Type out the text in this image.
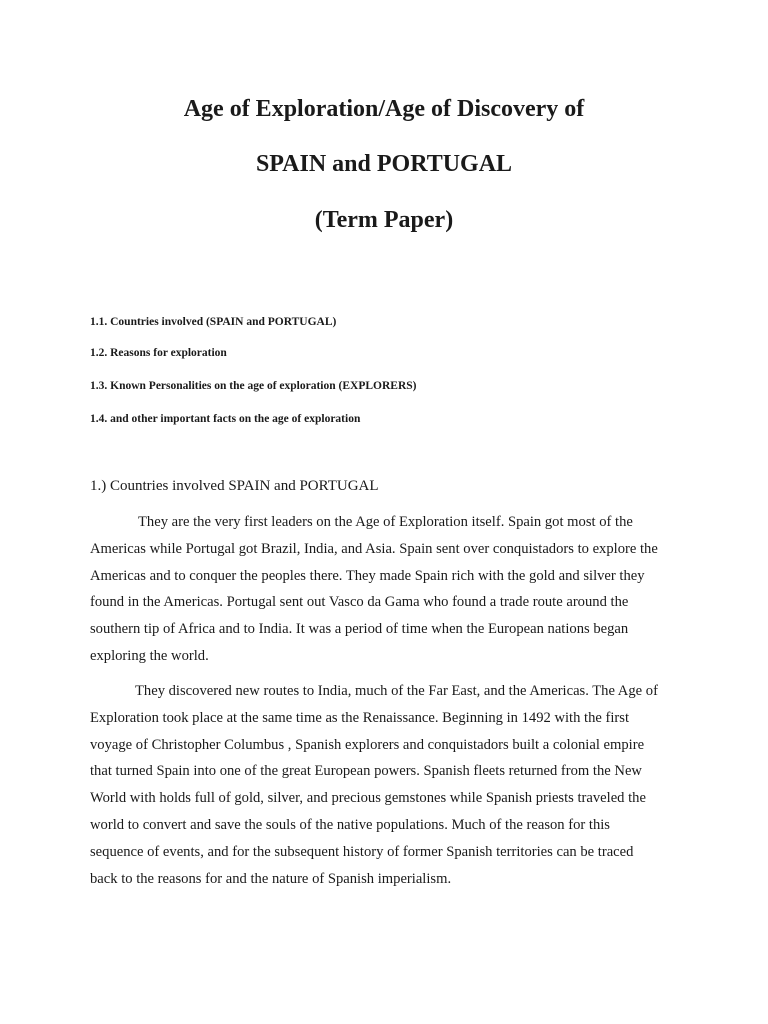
Age of Exploration/Age of Discovery of
SPAIN and PORTUGAL
(Term Paper)
1.1. Countries involved (SPAIN and PORTUGAL)
1.2. Reasons for exploration
1.3. Known Personalities on the age of exploration (EXPLORERS)
1.4. and other important facts on the age of exploration
1.) Countries involved SPAIN and PORTUGAL
They are the very first leaders on the Age of Exploration itself. Spain got most of the
Americas while Portugal got Brazil, India, and Asia. Spain sent over conquistadors to explore the
Americas and to conquer the peoples there. They made Spain rich with the gold and silver they
found in the Americas. Portugal sent out Vasco da Gama who found a trade route around the
southern tip of Africa and to India. It was a period of time when the European nations began
exploring the world.
They discovered new routes to India, much of the Far East, and the Americas. The Age of
Exploration took place at the same time as the Renaissance. Beginning in 1492 with the first
voyage of Christopher Columbus , Spanish explorers and conquistadors built a colonial empire
that turned Spain into one of the great European powers. Spanish fleets returned from the New
World with holds full of gold, silver, and precious gemstones while Spanish priests traveled the
world to convert and save the souls of the native populations. Much of the reason for this
sequence of events, and for the subsequent history of former Spanish territories can be traced
back to the reasons for and the nature of Spanish imperialism.
